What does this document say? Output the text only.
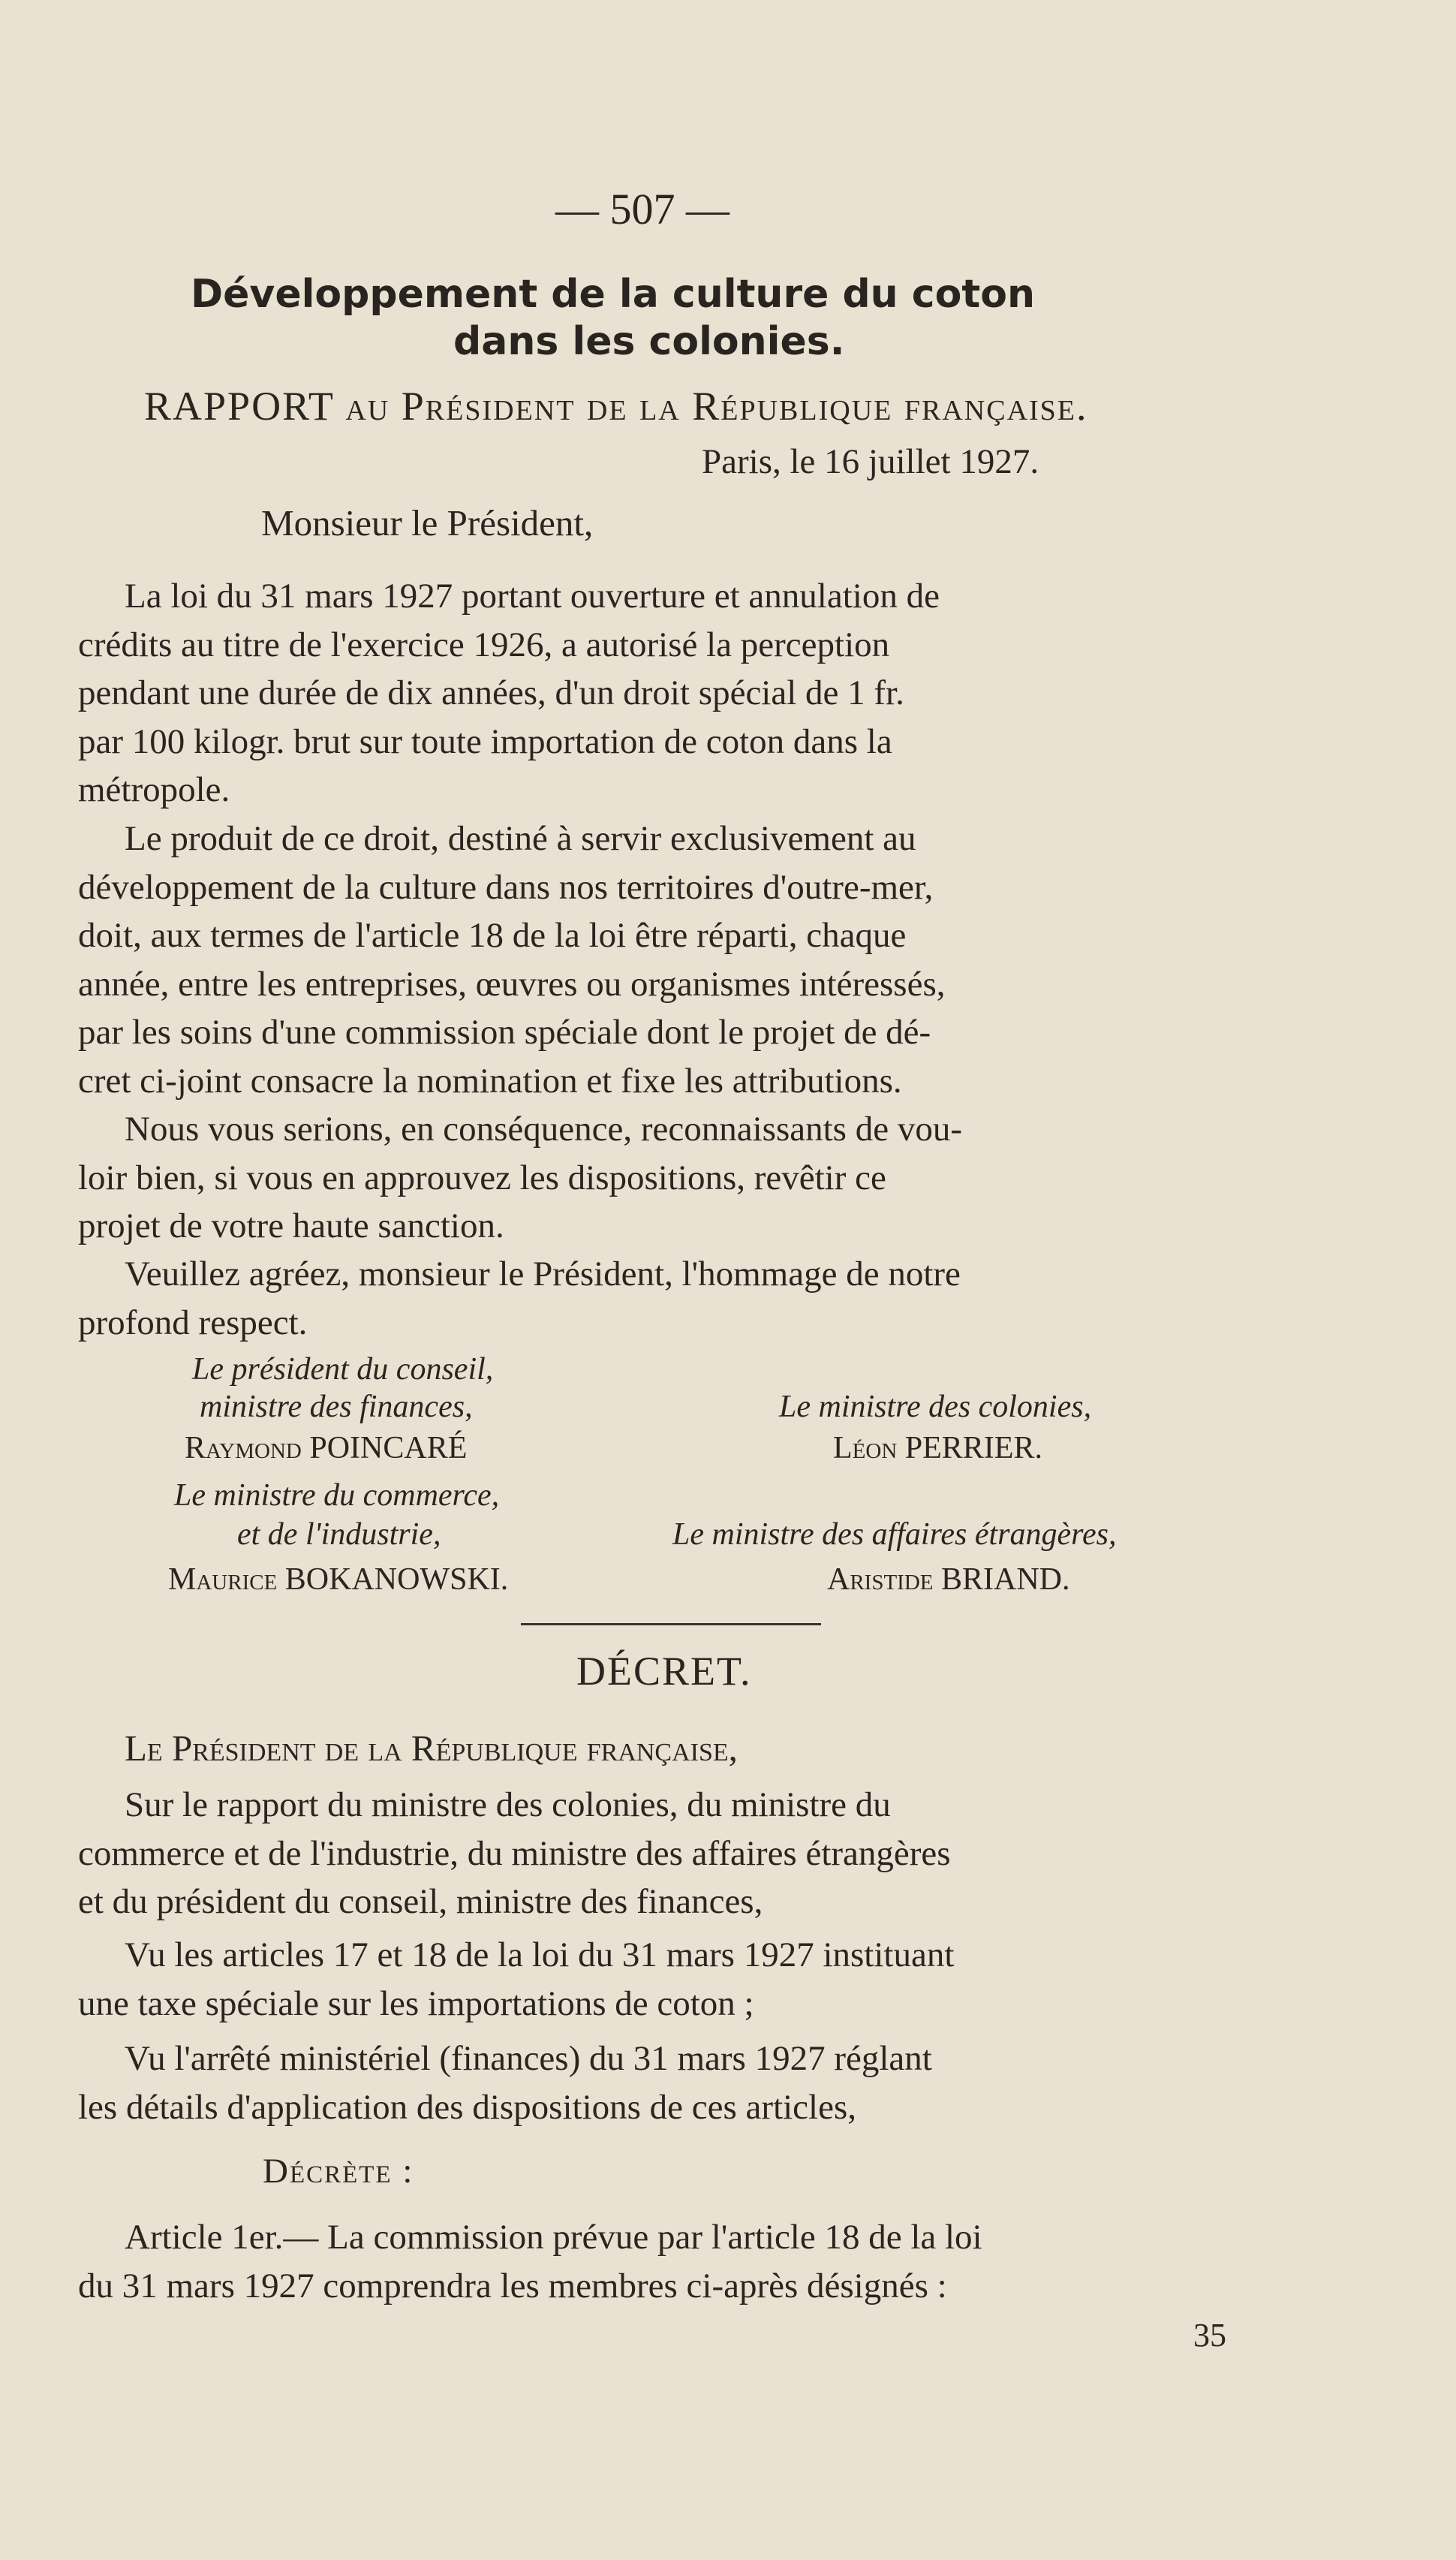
— 507 —
Développement de la culture du coton
dans les colonies.
RAPPORT au Président de la République française.
Paris, le 16 juillet 1927.
Monsieur le Président,
La loi du 31 mars 1927 portant ouverture et annulation de
crédits au titre de l'exercice 1926, a autorisé la perception
pendant une durée de dix années, d'un droit spécial de 1 fr.
par 100 kilogr. brut sur toute importation de coton dans la
métropole.
Le produit de ce droit, destiné à servir exclusivement au
développement de la culture dans nos territoires d'outre-mer,
doit, aux termes de l'article 18 de la loi être réparti, chaque
année, entre les entreprises, œuvres ou organismes intéressés,
par les soins d'une commission spéciale dont le projet de dé-
cret ci-joint consacre la nomination et fixe les attributions.
Nous vous serions, en conséquence, reconnaissants de vou-
loir bien, si vous en approuvez les dispositions, revêtir ce
projet de votre haute sanction.
Veuillez agréez, monsieur le Président, l'hommage de notre
profond respect.
Le président du conseil,
ministre des finances,
Raymond POINCARÉ
Le ministre des colonies,
Léon PERRIER.
Le ministre du commerce,
et de l'industrie,
Maurice BOKANOWSKI.
Le ministre des affaires étrangères,
Aristide BRIAND.
DÉCRET.
Le Président de la République française,
Sur le rapport du ministre des colonies, du ministre du
commerce et de l'industrie, du ministre des affaires étrangères
et du président du conseil, ministre des finances,
Vu les articles 17 et 18 de la loi du 31 mars 1927 instituant
une taxe spéciale sur les importations de coton ;
Vu l'arrêté ministériel (finances) du 31 mars 1927 réglant
les détails d'application des dispositions de ces articles,
Décrète :
Article 1er.— La commission prévue par l'article 18 de la loi
du 31 mars 1927 comprendra les membres ci-après désignés :
35
